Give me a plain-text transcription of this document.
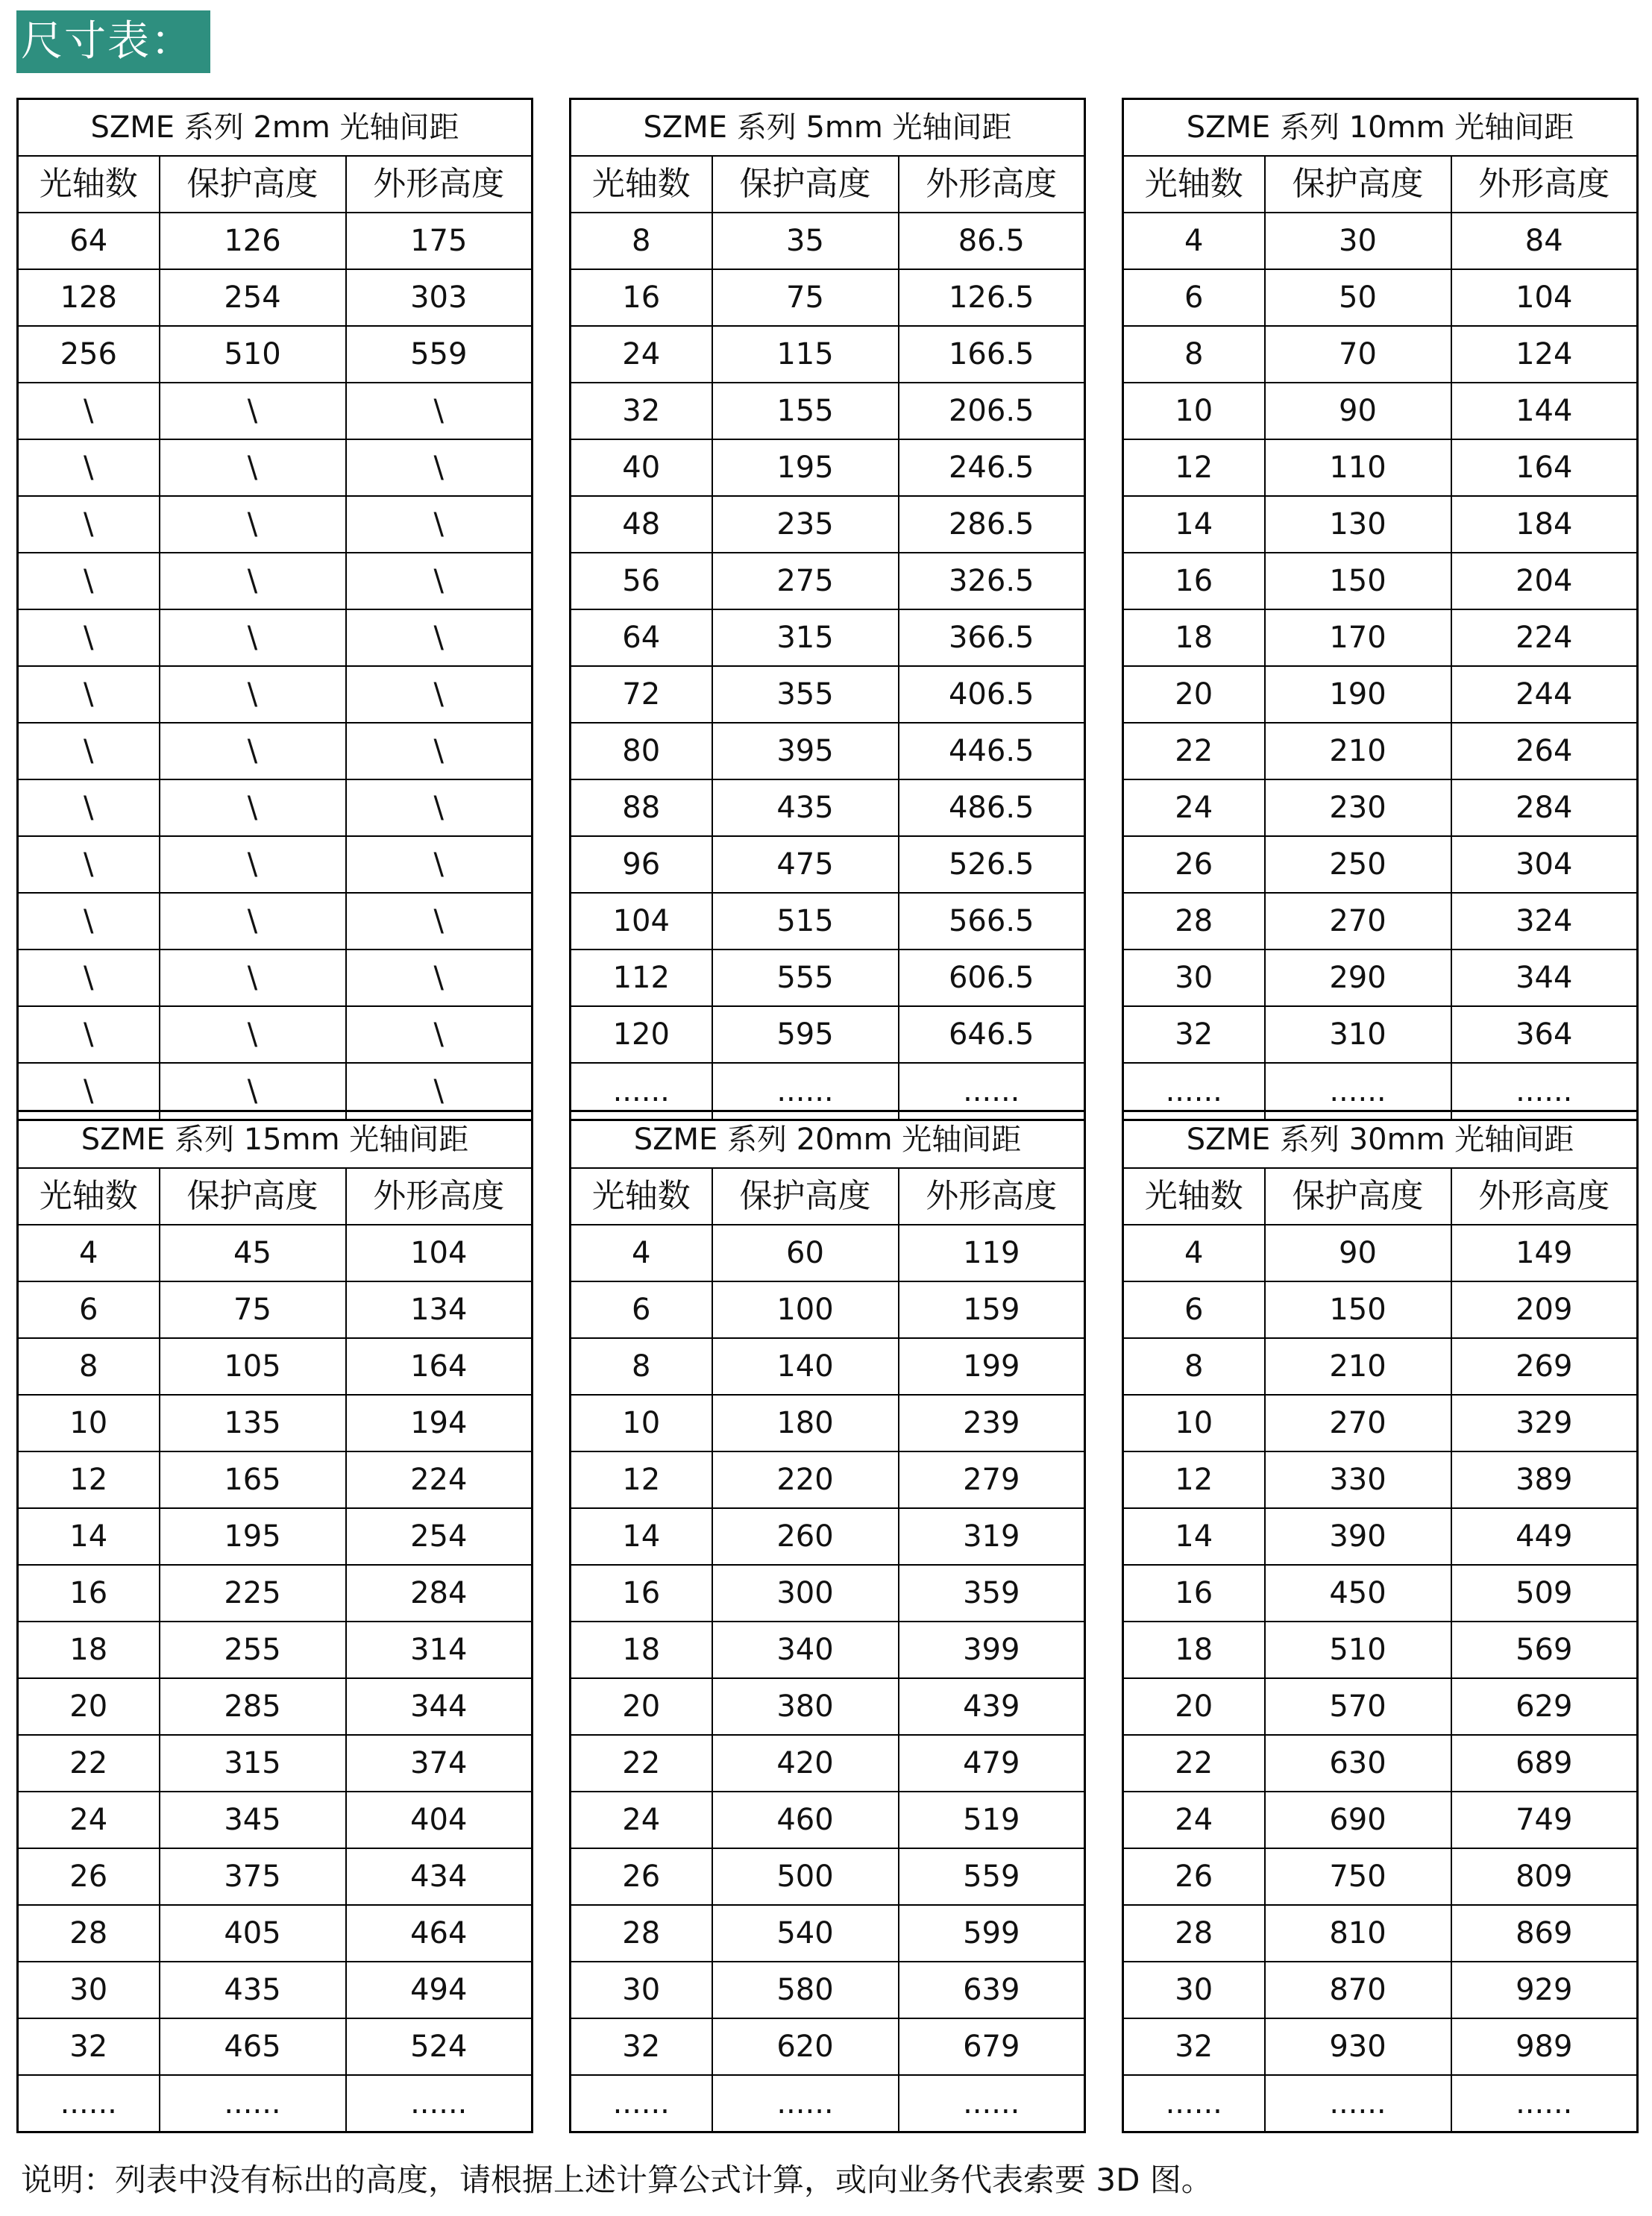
尺寸表：
SZME 系列 2mm 光轴间距		
光轴数	保护高度	外形高度
64	126	175
128	254	303
256	510	559
\	\	\
\	\	\
\	\	\
\	\	\
\	\	\
\	\	\
\	\	\
\	\	\
\	\	\
\	\	\
\	\	\
\	\	\
\	\	\
SZME 系列 5mm 光轴间距		
光轴数	保护高度	外形高度
8	35	86.5
16	75	126.5
24	115	166.5
32	155	206.5
40	195	246.5
48	235	286.5
56	275	326.5
64	315	366.5
72	355	406.5
80	395	446.5
88	435	486.5
96	475	526.5
104	515	566.5
112	555	606.5
120	595	646.5
......	......	......
SZME 系列 10mm 光轴间距		
光轴数	保护高度	外形高度
4	30	84
6	50	104
8	70	124
10	90	144
12	110	164
14	130	184
16	150	204
18	170	224
20	190	244
22	210	264
24	230	284
26	250	304
28	270	324
30	290	344
32	310	364
......	......	......
SZME 系列 15mm 光轴间距		
光轴数	保护高度	外形高度
4	45	104
6	75	134
8	105	164
10	135	194
12	165	224
14	195	254
16	225	284
18	255	314
20	285	344
22	315	374
24	345	404
26	375	434
28	405	464
30	435	494
32	465	524
......	......	......
SZME 系列 20mm 光轴间距		
光轴数	保护高度	外形高度
4	60	119
6	100	159
8	140	199
10	180	239
12	220	279
14	260	319
16	300	359
18	340	399
20	380	439
22	420	479
24	460	519
26	500	559
28	540	599
30	580	639
32	620	679
......	......	......
SZME 系列 30mm 光轴间距		
光轴数	保护高度	外形高度
4	90	149
6	150	209
8	210	269
10	270	329
12	330	389
14	390	449
16	450	509
18	510	569
20	570	629
22	630	689
24	690	749
26	750	809
28	810	869
30	870	929
32	930	989
......	......	......
说明：列表中没有标出的高度，请根据上述计算公式计算，或向业务代表索要 3D 图。
